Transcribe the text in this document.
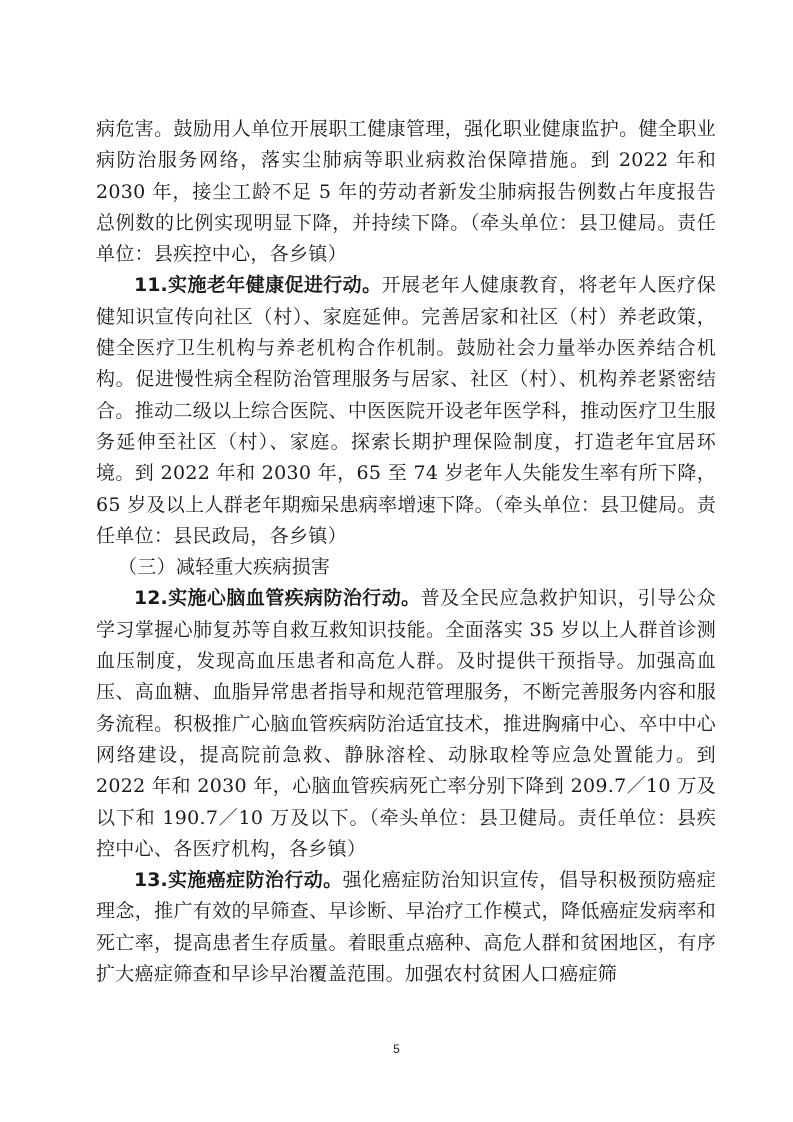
病危害。鼓励用人单位开展职工健康管理，强化职业健康监护。健全职业病防治服务网络，落实尘肺病等职业病救治保障措施。到 2022 年和 2030 年，接尘工龄不足 5 年的劳动者新发尘肺病报告例数占年度报告总例数的比例实现明显下降，并持续下降。（牵头单位：县卫健局。责任单位：县疾控中心，各乡镇）

11.实施老年健康促进行动。开展老年人健康教育，将老年人医疗保健知识宣传向社区（村）、家庭延伸。完善居家和社区（村）养老政策，健全医疗卫生机构与养老机构合作机制。鼓励社会力量举办医养结合机构。促进慢性病全程防治管理服务与居家、社区（村）、机构养老紧密结合。推动二级以上综合医院、中医医院开设老年医学科，推动医疗卫生服务延伸至社区（村）、家庭。探索长期护理保险制度，打造老年宜居环境。到 2022 年和 2030 年，65 至 74 岁老年人失能发生率有所下降，65 岁及以上人群老年期痴呆患病率增速下降。（牵头单位：县卫健局。责任单位：县民政局，各乡镇）

（三）减轻重大疾病损害

12.实施心脑血管疾病防治行动。普及全民应急救护知识，引导公众学习掌握心肺复苏等自救互救知识技能。全面落实 35 岁以上人群首诊测血压制度，发现高血压患者和高危人群。及时提供干预指导。加强高血压、高血糖、血脂异常患者指导和规范管理服务，不断完善服务内容和服务流程。积极推广心脑血管疾病防治适宜技术，推进胸痛中心、卒中中心网络建设，提高院前急救、静脉溶栓、动脉取栓等应急处置能力。到 2022 年和 2030 年，心脑血管疾病死亡率分别下降到 209.7／10 万及以下和 190.7／10 万及以下。（牵头单位：县卫健局。责任单位：县疾控中心、各医疗机构，各乡镇）

13.实施癌症防治行动。强化癌症防治知识宣传，倡导积极预防癌症理念，推广有效的早筛查、早诊断、早治疗工作模式，降低癌症发病率和死亡率，提高患者生存质量。着眼重点癌种、高危人群和贫困地区，有序扩大癌症筛查和早诊早治覆盖范围。加强农村贫困人口癌症筛

5
